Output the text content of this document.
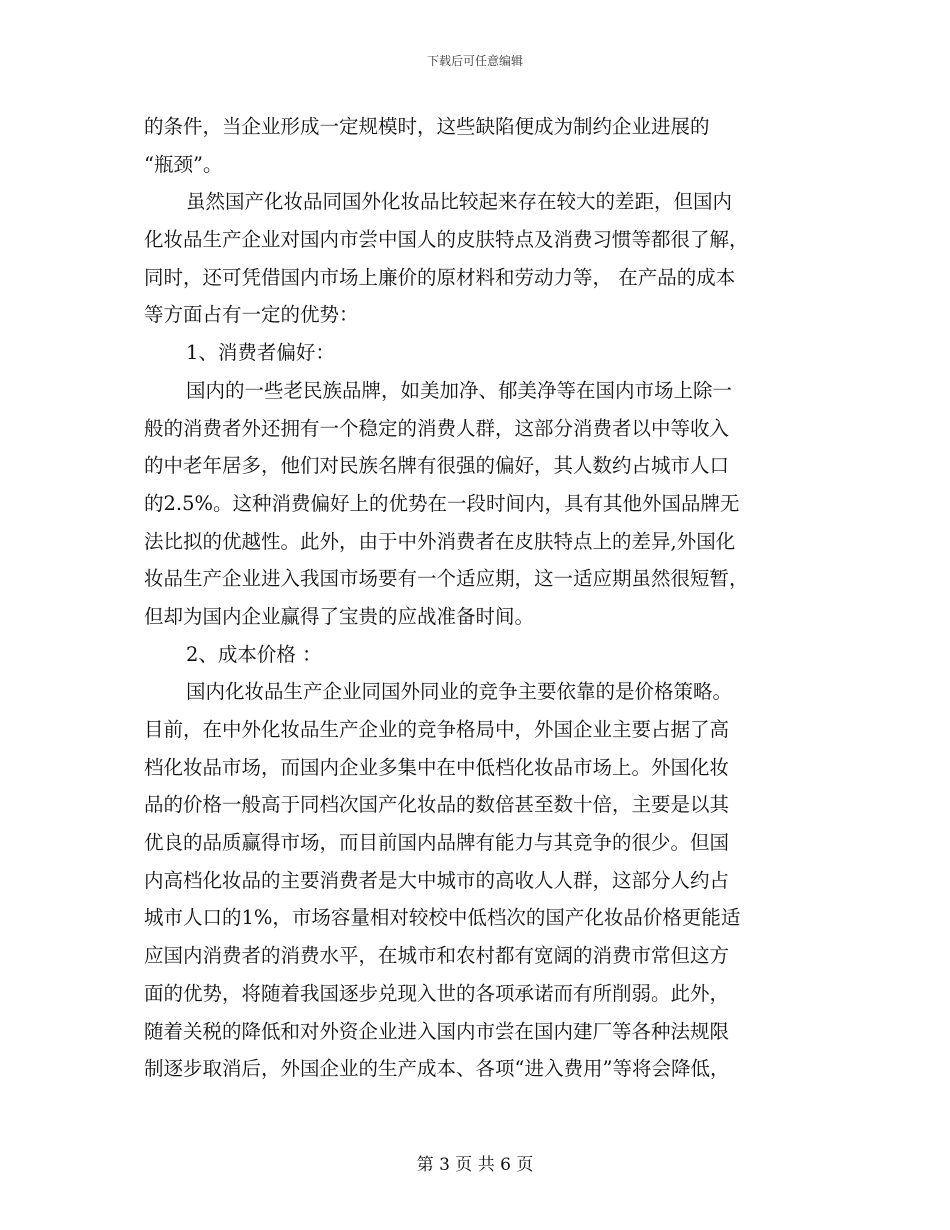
下载后可任意编辑
的条件，当企业形成一定规模时，这些缺陷便成为制约企业进展的
“瓶颈”。
虽然国产化妆品同国外化妆品比较起来存在较大的差距，但国内
化妆品生产企业对国内市尝中国人的皮肤特点及消费习惯等都很了解，
同时，还可凭借国内市场上廉价的原材料和劳动力等， 在产品的成本
等方面占有一定的优势：
1、消费者偏好：
国内的一些老民族品牌，如美加净、郁美净等在国内市场上除一
般的消费者外还拥有一个稳定的消费人群，这部分消费者以中等收入
的中老年居多，他们对民族名牌有很强的偏好，其人数约占城市人口
的2.5%。这种消费偏好上的优势在一段时间内，具有其他外国品牌无
法比拟的优越性。此外，由于中外消费者在皮肤特点上的差异,外国化
妆品生产企业进入我国市场要有一个适应期，这一适应期虽然很短暂，
但却为国内企业赢得了宝贵的应战准备时间。
2、成本价格 ：
国内化妆品生产企业同国外同业的竞争主要依靠的是价格策略。
目前，在中外化妆品生产企业的竞争格局中，外国企业主要占据了高
档化妆品市场，而国内企业多集中在中低档化妆品市场上。外国化妆
品的价格一般高于同档次国产化妆品的数倍甚至数十倍，主要是以其
优良的品质赢得市场，而目前国内品牌有能力与其竞争的很少。但国
内高档化妆品的主要消费者是大中城市的高收人人群，这部分人约占
城市人口的1%，市场容量相对较校中低档次的国产化妆品价格更能适
应国内消费者的消费水平，在城市和农村都有宽阔的消费市常但这方
面的优势，将随着我国逐步兑现入世的各项承诺而有所削弱。此外，
随着关税的降低和对外资企业进入国内市尝在国内建厂等各种法规限
制逐步取消后，外国企业的生产成本、各项“进入费用”等将会降低，
第 3 页 共 6 页
